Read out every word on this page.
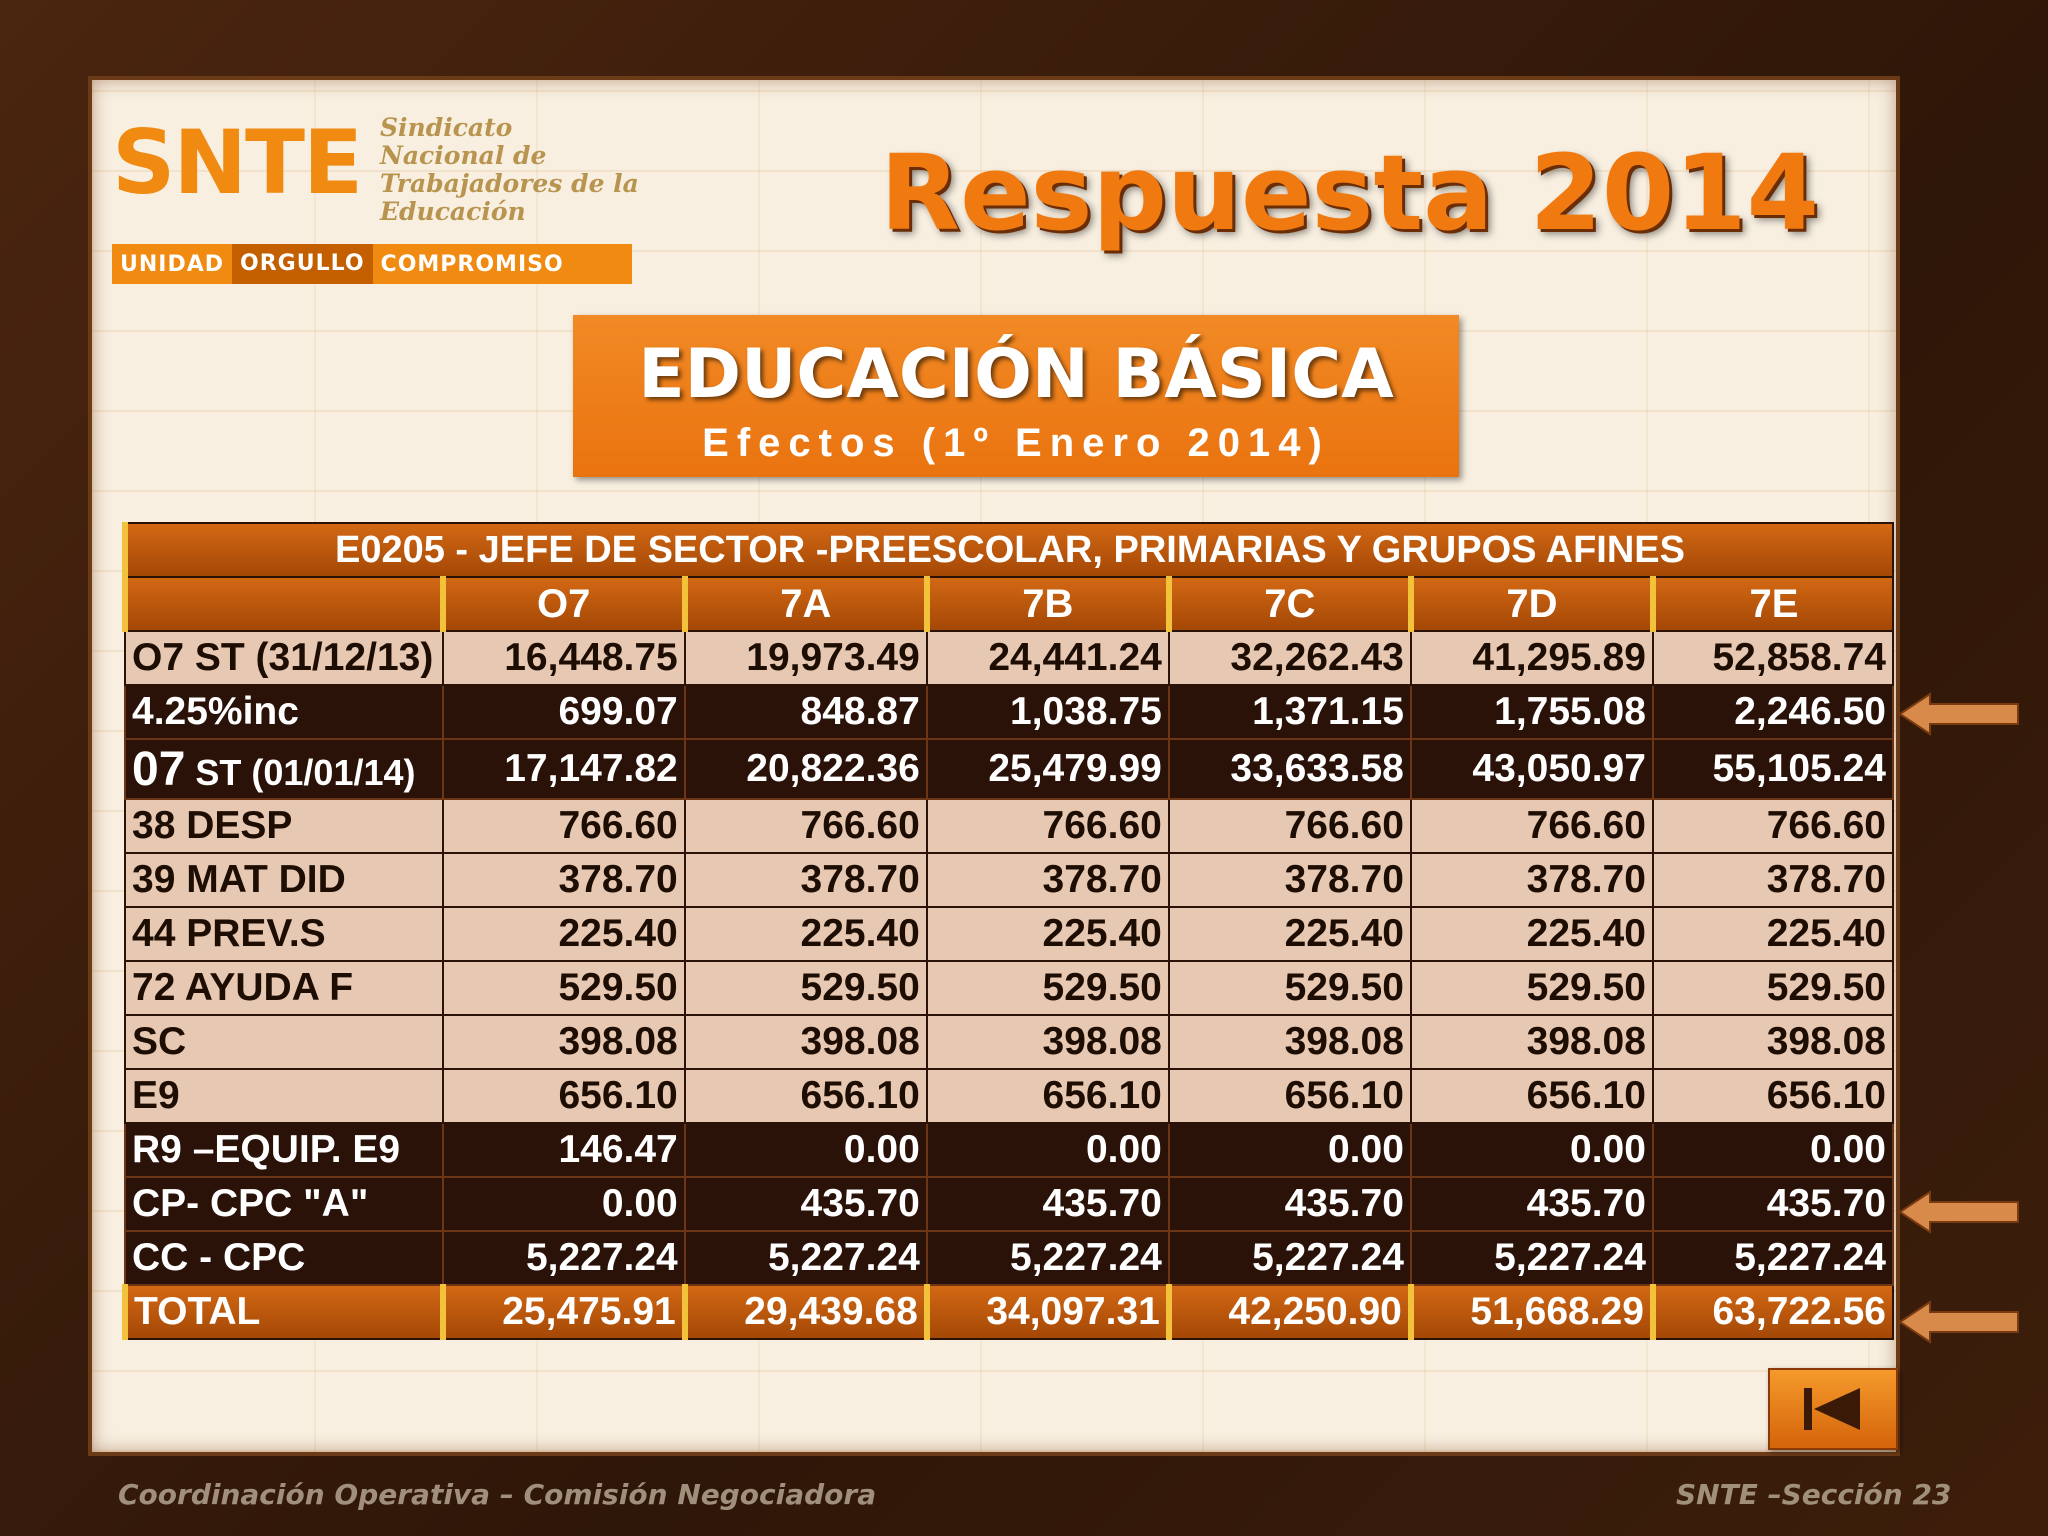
SNTE Sindicato
Nacional de
Trabajadores de la
Educación
UNIDAD ORGULLO COMPROMISO
Respuesta 2014
EDUCACIÓN BÁSICA
Efectos (1º Enero 2014)
E0205 - JEFE DE SECTOR -PREESCOLAR, PRIMARIAS Y GRUPOS AFINES						
	O7	7A	7B	7C	7D	7E
O7 ST (31/12/13)	16,448.75	19,973.49	24,441.24	32,262.43	41,295.89	52,858.74
4.25%inc	699.07	848.87	1,038.75	1,371.15	1,755.08	2,246.50
07 ST (01/01/14)	17,147.82	20,822.36	25,479.99	33,633.58	43,050.97	55,105.24
38 DESP	766.60	766.60	766.60	766.60	766.60	766.60
39 MAT DID	378.70	378.70	378.70	378.70	378.70	378.70
44 PREV.S	225.40	225.40	225.40	225.40	225.40	225.40
72 AYUDA F	529.50	529.50	529.50	529.50	529.50	529.50
SC	398.08	398.08	398.08	398.08	398.08	398.08
E9	656.10	656.10	656.10	656.10	656.10	656.10
R9 –EQUIP. E9	146.47	0.00	0.00	0.00	0.00	0.00
CP- CPC "A"	0.00	435.70	435.70	435.70	435.70	435.70
CC - CPC	5,227.24	5,227.24	5,227.24	5,227.24	5,227.24	5,227.24
TOTAL	25,475.91	29,439.68	34,097.31	42,250.90	51,668.29	63,722.56
Coordinación Operativa – Comisión Negociadora	SNTE –Sección 23
